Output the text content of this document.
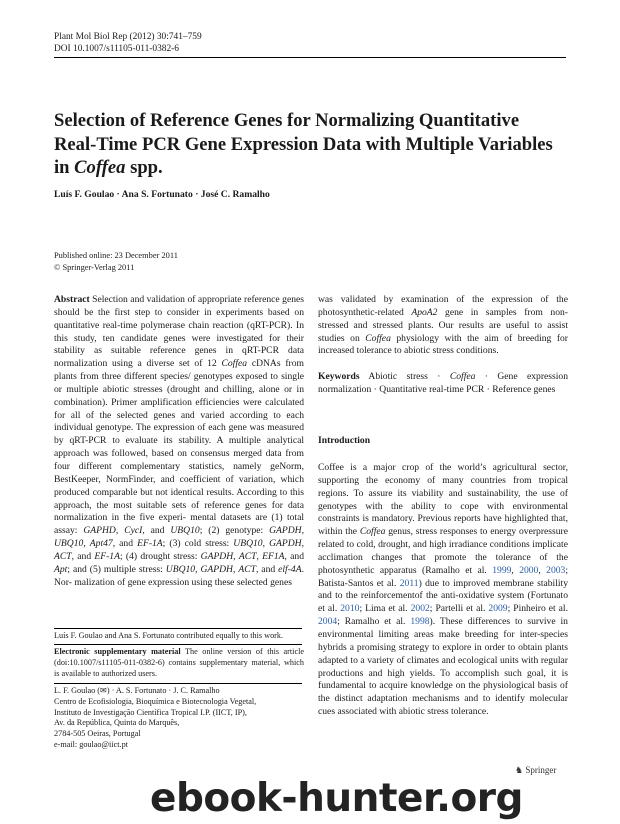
Plant Mol Biol Rep (2012) 30:741–759
DOI 10.1007/s11105-011-0382-6
Selection of Reference Genes for Normalizing Quantitative Real-Time PCR Gene Expression Data with Multiple Variables in Coffea spp.
Luís F. Goulao · Ana S. Fortunato · José C. Ramalho
Published online: 23 December 2011
© Springer-Verlag 2011
Abstract Selection and validation of appropriate reference genes should be the first step to consider in experiments based on quantitative real-time polymerase chain reaction (qRT-PCR). In this study, ten candidate genes were investigated for their stability as suitable reference genes in qRT-PCR data normalization using a diverse set of 12 Coffea cDNAs from plants from three different species/ genotypes exposed to single or multiple abiotic stresses (drought and chilling, alone or in combination). Primer amplification efficiencies were calculated for all of the selected genes and varied according to each individual genotype. The expression of each gene was measured by qRT-PCR to evaluate its stability. A multiple analytical approach was followed, based on consensus merged data from four different complementary statistics, namely geNorm, BestKeeper, NormFinder, and coefficient of variation, which produced comparable but not identical results. According to this approach, the most suitable sets of reference genes for data normalization in the five experi- mental datasets are (1) total assay: GAPHD, CycI, and UBQ10; (2) genotype: GAPDH, UBQ10, Apt47, and EF-1A; (3) cold stress: UBQ10, GAPDH, ACT, and EF-1A; (4) drought stress: GAPDH, ACT, EF1A, and Apt; and (5) multiple stress: UBQ10, GAPDH, ACT, and elf-4A. Nor- malization of gene expression using these selected genes
Luís F. Goulao and Ana S. Fortunato contributed equally to this work.
Electronic supplementary material The online version of this article (doi:10.1007/s11105-011-0382-6) contains supplementary material, which is available to authorized users.
L. F. Goulao (✉) · A. S. Fortunato · J. C. Ramalho
Centro de Ecofisiologia, Bioquímica e Biotecnologia Vegetal,
Instituto de Investigação Científica Tropical I.P. (IICT, IP),
Av. da República, Quinta do Marquês,
2784-505 Oeiras, Portugal
e-mail: goulao@iict.pt
was validated by examination of the expression of the photosynthetic-related ApoA2 gene in samples from non- stressed and stressed plants. Our results are useful to assist studies on Coffea physiology with the aim of breeding for increased tolerance to abiotic stress conditions.
Keywords Abiotic stress · Coffea · Gene expression normalization · Quantitative real-time PCR · Reference genes
Introduction
Coffee is a major crop of the world’s agricultural sector, supporting the economy of many countries from tropical regions. To assure its viability and sustainability, the use of genotypes with the ability to cope with environmental constraints is mandatory. Previous reports have highlighted that, within the Coffea genus, stress responses to energy overpressure related to cold, drought, and high irradiance conditions implicate acclimation changes that promote the tolerance of the photosynthetic apparatus (Ramalho et al. 1999, 2000, 2003; Batista-Santos et al. 2011) due to improved membrane stability and to the reinforcementof the anti-oxidative system (Fortunato et al. 2010; Lima et al. 2002; Partelli et al. 2009; Pinheiro et al. 2004; Ramalho et al. 1998). These differences to survive in environmental limiting areas make breeding for inter-species hybrids a promising strategy to explore in order to obtain plants adapted to a variety of climates and ecological units with regular productions and high yields. To accomplish such goal, it is fundamental to acquire knowledge on the physiological basis of the distinct adaptation mechanisms and to identify molecular cues associated with abiotic stress tolerance.
♞ Springer
ebook-hunter.org
